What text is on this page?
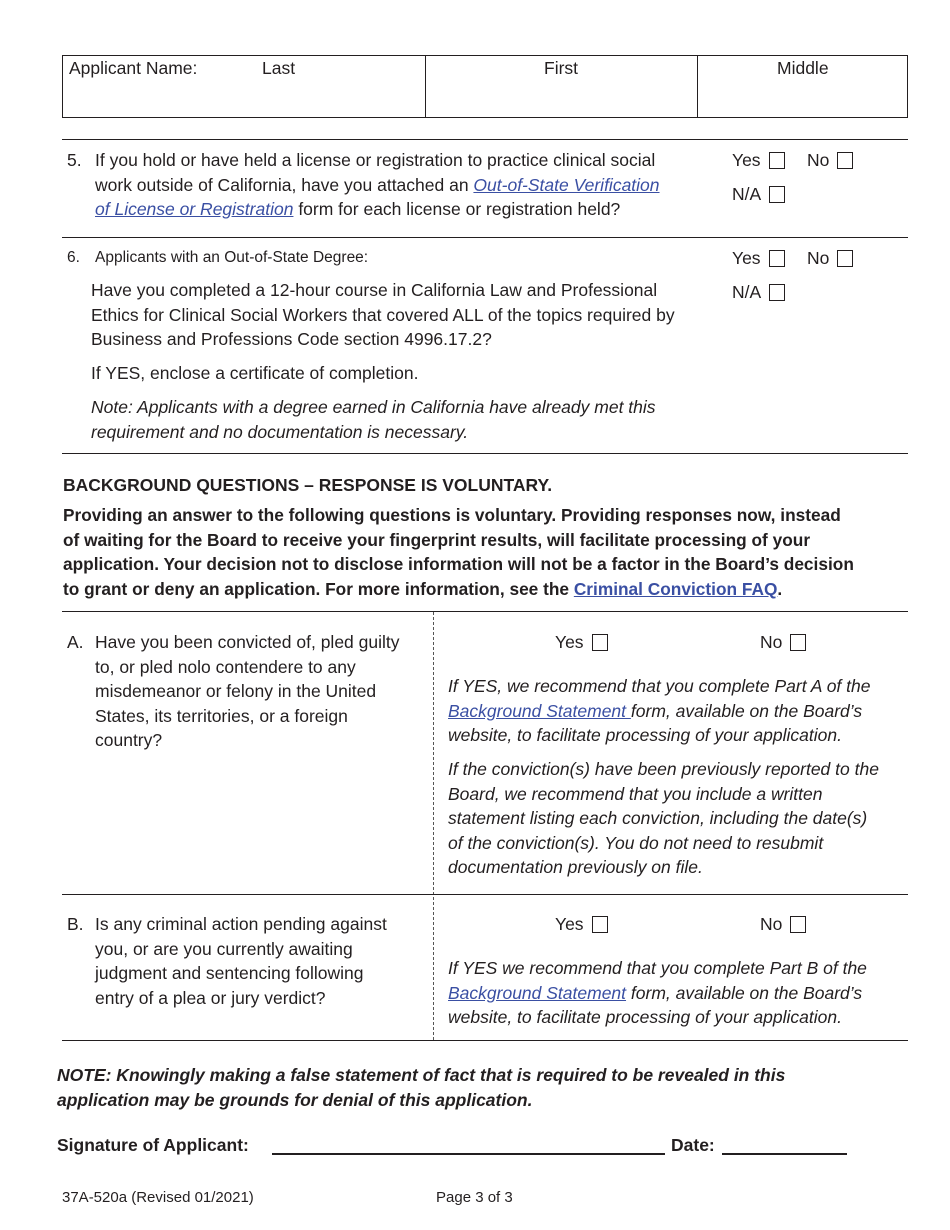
Applicant Name:	Last	First	Middle
5. If you hold or have held a license or registration to practice clinical social
work outside of California, have you attached an Out-of-State Verification
of License or Registration form for each license or registration held?
Yes	No
N/A
6. Applicants with an Out-of-State Degree:
Have you completed a 12-hour course in California Law and Professional
Ethics for Clinical Social Workers that covered ALL of the topics required by
Business and Professions Code section 4996.17.2?
If YES, enclose a certificate of completion.
Note: Applicants with a degree earned in California have already met this
requirement and no documentation is necessary.
Yes	No
N/A
BACKGROUND QUESTIONS – RESPONSE IS VOLUNTARY.
Providing an answer to the following questions is voluntary. Providing responses now, instead
of waiting for the Board to receive your fingerprint results, will facilitate processing of your
application. Your decision not to disclose information will not be a factor in the Board’s decision
to grant or deny an application. For more information, see the Criminal Conviction FAQ.
A. Have you been convicted of, pled guilty
to, or pled nolo contendere to any
misdemeanor or felony in the United
States, its territories, or a foreign
country?
Yes	No
If YES, we recommend that you complete Part A of the
Background Statement form, available on the Board’s
website, to facilitate processing of your application.
If the conviction(s) have been previously reported to the
Board, we recommend that you include a written
statement listing each conviction, including the date(s)
of the conviction(s). You do not need to resubmit
documentation previously on file.
B. Is any criminal action pending against
you, or are you currently awaiting
judgment and sentencing following
entry of a plea or jury verdict?
Yes	No
If YES we recommend that you complete Part B of the
Background Statement form, available on the Board’s
website, to facilitate processing of your application.
NOTE: Knowingly making a false statement of fact that is required to be revealed in this
application may be grounds for denial of this application.
Signature of Applicant:	Date:
37A-520a (Revised 01/2021)	Page 3 of 3
